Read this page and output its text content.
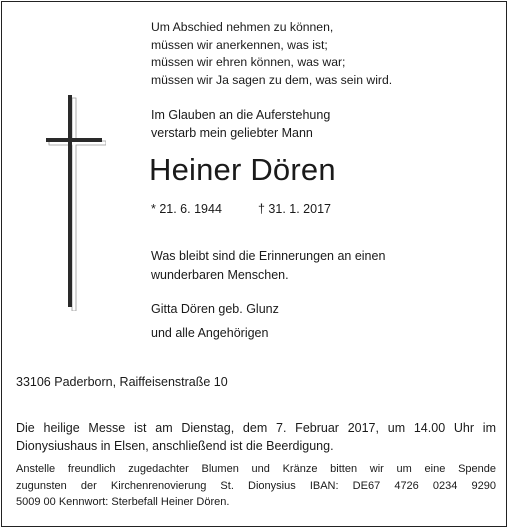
Um Abschied nehmen zu können,
müssen wir anerkennen, was ist;
müssen wir ehren können, was war;
müssen wir Ja sagen zu dem, was sein wird.
Im Glauben an die Auferstehung
verstarb mein geliebter Mann
Heiner Dören
* 21. 6. 1944	† 31. 1. 2017
Was bleibt sind die Erinnerungen an einen
wunderbaren Menschen.
Gitta Dören geb. Glunz
und alle Angehörigen
33106 Paderborn, Raiffeisenstraße 10
Die heilige Messe ist am Dienstag, dem 7. Februar 2017, um 14.00 Uhr im
Dionysiushaus in Elsen, anschließend ist die Beerdigung.
Anstelle freundlich zugedachter Blumen und Kränze bitten wir um eine Spende
zugunsten der Kirchenrenovierung St. Dionysius IBAN: DE67 4726 0234 9290
5009 00 Kennwort: Sterbefall Heiner Dören.
